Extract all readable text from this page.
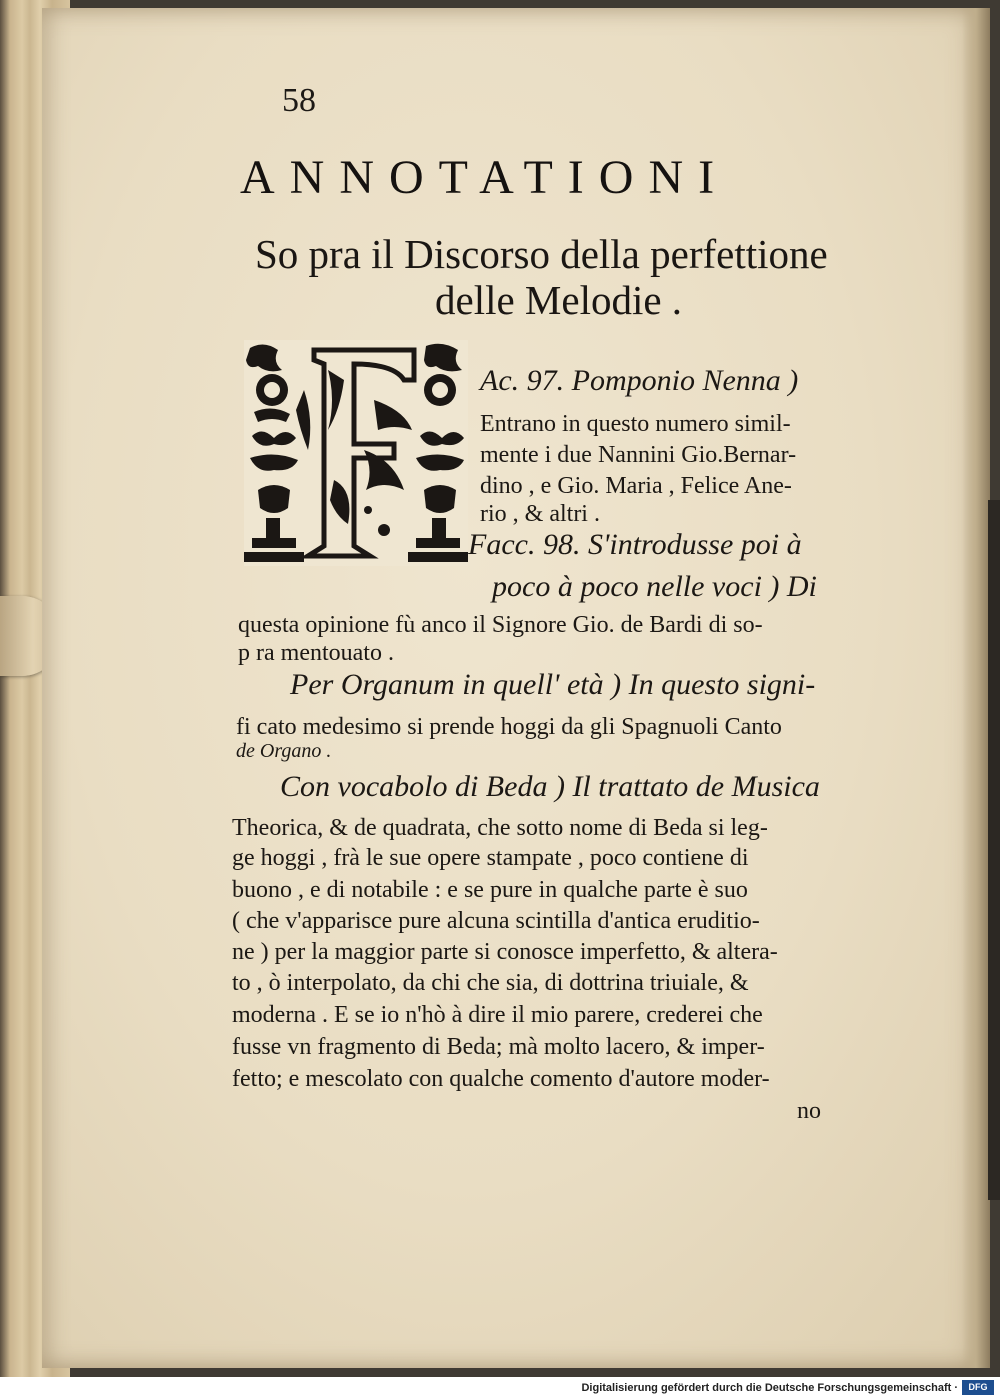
58
ANNOTATIONI
So pra il Discorso della perfettione
delle Melodie .
Ac. 97. Pomponio Nenna )
Entrano in questo numero simil-
mente i due Nannini Gio.Bernar-
dino , e Gio. Maria , Felice Ane-
rio , & altri .
Facc. 98. S'introdusse poi à
poco à poco nelle voci ) Di
questa opinione fù anco il Signore Gio. de Bardi di so-
p ra mentouato .
Per Organum in quell' età ) In questo signi-
fi cato medesimo si prende hoggi da gli Spagnuoli Canto
de Organo .
Con vocabolo di Beda ) Il trattato de Musica
Theorica, & de quadrata, che sotto nome di Beda si leg-
ge hoggi , frà le sue opere stampate , poco contiene di
buono , e di notabile : e se pure in qualche parte è suo
( che v'apparisce pure alcuna scintilla d'antica eruditio-
ne ) per la maggior parte si conosce imperfetto, & altera-
to , ò interpolato, da chi che sia, di dottrina triuiale, &
moderna . E se io n'hò à dire il mio parere, crederei che
fusse vn fragmento di Beda; mà molto lacero, & imper-
fetto; e mescolato con qualche comento d'autore moder-
no
Digitalisierung gefördert durch die Deutsche Forschungsgemeinschaft ·	DFG
